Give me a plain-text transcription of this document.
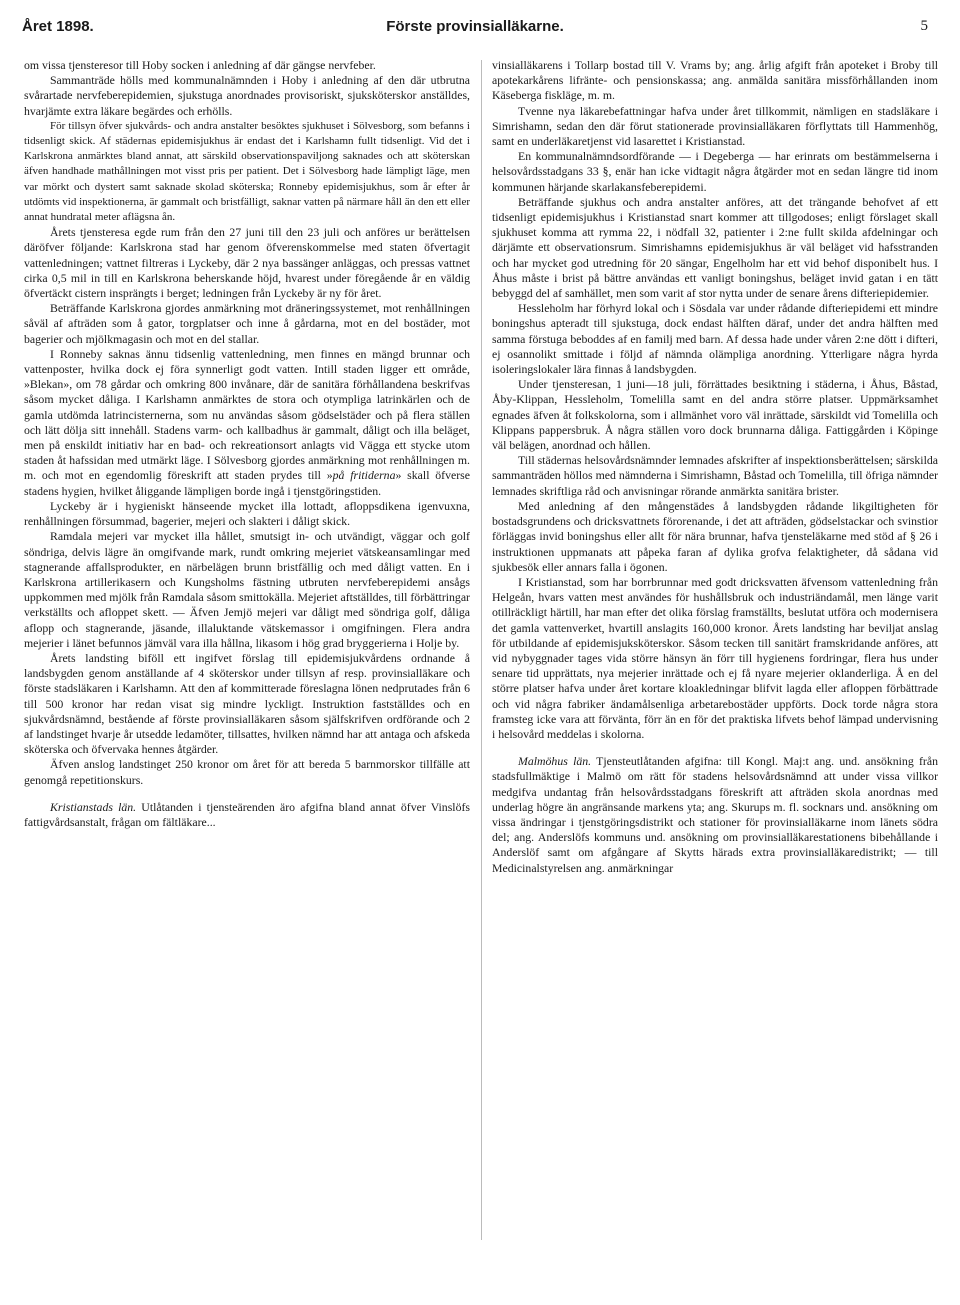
Året 1898.	Förste provinsialläkarne.	5

om vissa tjensteresor till Hoby socken i anledning af där gängse nervfeber.

Sammanträde hölls med kommunalnämnden i Hoby i anledning af den där utbrutna svårartade nervfeberepidemien, sjukstuga anordnades provisoriskt, sjuksköterskor anställdes, hvarjämte extra läkare begärdes och erhölls.

För tillsyn öfver sjukvårds- och andra anstalter besöktes sjukhuset i Sölvesborg, som befanns i tidsenligt skick. Af städernas epidemisjukhus är endast det i Karlshamn fullt tidsenligt. Vid det i Karlskrona anmärktes bland annat, att särskild observationspaviljong saknades och att sköterskan äfven handhade mathållningen mot visst pris per patient. Det i Sölvesborg hade lämpligt läge, men var mörkt och dystert samt saknade skolad sköterska; Ronneby epidemisjukhus, som år efter år utdömts vid inspektionerna, är gammalt och bristfälligt, saknar vatten på närmare håll än den ett eller annat hundratal meter aflägsna ån.

Årets tjensteresa egde rum från den 27 juni till den 23 juli och anföres ur berättelsen däröfver följande: Karlskrona stad har genom öfverenskommelse med staten öfvertagit vattenledningen; vattnet filtreras i Lyckeby, där 2 nya bassänger anläggas, och pressas vattnet cirka 0,5 mil in till en Karlskrona beherskande höjd, hvarest under föregående år en väldig öfvertäckt cistern insprängts i berget; ledningen från Lyckeby är ny för året.

Beträffande Karlskrona gjordes anmärkning mot dräneringssystemet, mot renhållningen såväl af afträden som å gator, torgplatser och inne å gårdarna, mot en del bostäder, mot bagerier och mjölkmagasin och mot en del stallar.

I Ronneby saknas ännu tidsenlig vattenledning, men finnes en mängd brunnar och vattenposter, hvilka dock ej föra synnerligt godt vatten. Intill staden ligger ett område, »Blekan», om 78 gårdar och omkring 800 invånare, där de sanitära förhållandena beskrifvas såsom mycket dåliga. I Karlshamn anmärktes de stora och otympliga latrinkärlen och de gamla utdömda latrincisternerna, som nu användas såsom gödselstäder och på flera ställen och lätt dölja sitt innehåll. Stadens varm- och kallbadhus är gammalt, dåligt och illa beläget, men på enskildt initiativ har en bad- och rekreationsort anlagts vid Vägga ett stycke utom staden åt hafssidan med utmärkt läge. I Sölvesborg gjordes anmärkning mot renhållningen m. m. och mot en egendomlig föreskrift att staden prydes till »på fritiderna» skall öfverse stadens hygien, hvilket åliggande lämpligen borde ingå i tjenstgöringstiden.

Lyckeby är i hygieniskt hänseende mycket illa lottadt, afloppsdikena igenvuxna, renhållningen försummad, bagerier, mejeri och slakteri i dåligt skick.

Ramdala mejeri var mycket illa hållet, smutsigt in- och utvändigt, väggar och golf söndriga, delvis lägre än omgifvande mark, rundt omkring mejeriet vätskeansamlingar med stagnerande affallsprodukter, en närbelägen brunn bristfällig och med dåligt vatten. En i Karlskrona artillerikasern och Kungsholms fästning utbruten nervfeberepidemi ansågs uppkommen med mjölk från Ramdala såsom smittokälla. Mejeriet aftställdes, till förbättringar verkställts och afloppet skett. — Äfven Jemjö mejeri var dåligt med söndriga golf, dåliga aflopp och stagnerande, jäsande, illaluktande vätskemassor i omgifningen. Flera andra mejerier i länet befunnos jämväl vara illa hållna, likasom i hög grad bryggerierna i Holje by.

Årets landsting biföll ett ingifvet förslag till epidemisjukvårdens ordnande å landsbygden genom anställande af 4 sköterskor under tillsyn af resp. provinsialläkare och förste stadsläkaren i Karlshamn. Att den af kommitterade föreslagna lönen nedprutades från 6 till 500 kronor har redan visat sig mindre lyckligt. Instruktion fastställdes och en sjukvårdsnämnd, bestående af förste provinsialläkaren såsom själfskrifven ordförande och 2 af landstinget hvarje år utsedde ledamöter, tillsattes, hvilken nämnd har att antaga och afskeda sköterska och öfvervaka hennes åtgärder.

Äfven anslog landstinget 250 kronor om året för att bereda 5 barnmorskor tillfälle att genomgå repetitionskurs.

Kristianstads län. Utlåtanden i tjensteärenden äro afgifna bland annat öfver Vinslöfs fattigvårdsanstalt, frågan om fältläkare...

vinsialläkarens i Tollarp bostad till V. Vrams by; ang. årlig afgift från apoteket i Broby till apotekarkårens lifränte- och pensionskassa; ang. anmälda sanitära missförhållanden inom Käseberga fiskläge, m. m.

Tvenne nya läkarebefattningar hafva under året tillkommit, nämligen en stadsläkare i Simrishamn, sedan den där förut stationerade provinsialläkaren förflyttats till Hammenhög, samt en underläkaretjenst vid lasarettet i Kristianstad.

En kommunalnämndsordförande — i Degeberga — har erinrats om bestämmelserna i helsovårdsstadgans 33 §, enär han icke vidtagit några åtgärder mot en sedan längre tid inom kommunen härjande skarlakansfeberepidemi.

Beträffande sjukhus och andra anstalter anföres, att det trängande behofvet af ett tidsenligt epidemisjukhus i Kristianstad snart kommer att tillgodoses; enligt förslaget skall sjukhuset komma att rymma 22, i nödfall 32, patienter i 2:ne fullt skilda afdelningar och därjämte ett observationsrum. Simrishamns epidemisjukhus är väl beläget vid hafsstranden och har mycket god utredning för 20 sängar, Engelholm har ett vid behof disponibelt hus. I Åhus måste i brist på bättre användas ett vanligt boningshus, beläget invid gatan i en tätt bebyggd del af samhället, men som varit af stor nytta under de senare årens difteriepidemier.

Hessleholm har förhyrd lokal och i Sösdala var under rådande difteriepidemi ett mindre boningshus apteradt till sjukstuga, dock endast hälften däraf, under det andra hälften med samma förstuga beboddes af en familj med barn. Af dessa hade under våren 2:ne dött i difteri, ej osannolikt smittade i följd af nämnda olämpliga anordning. Ytterligare några hyrda isoleringslokaler lära finnas å landsbygden.

Under tjensteresan, 1 juni—18 juli, förrättades besiktning i städerna, i Åhus, Båstad, Åby-Klippan, Hessleholm, Tomelilla samt en del andra större platser. Uppmärksamhet egnades äfven åt folkskolorna, som i allmänhet voro väl inrättade, särskildt vid Tomelilla och Klippans pappersbruk. Å några ställen voro dock brunnarna dåliga. Fattiggården i Köpinge väl belägen, anordnad och hållen.

Till städernas helsovårdsnämnder lemnades afskrifter af inspektionsberättelsen; särskilda sammanträden höllos med nämnderna i Simrishamn, Båstad och Tomelilla, till öfriga nämnder lemnades skriftliga råd och anvisningar rörande anmärkta sanitära brister.

Med anledning af den mångenstädes å landsbygden rådande likgiltigheten för bostadsgrundens och dricksvattnets förorenande, i det att afträden, gödselstackar och svinstior förläggas invid boningshus eller allt för nära brunnar, hafva tjensteläkarne med stöd af § 26 i instruktionen uppmanats att påpeka faran af dylika grofva felaktigheter, då sådana vid sjukbesök eller annars falla i ögonen.

I Kristianstad, som har borrbrunnar med godt dricksvatten äfvensom vattenledning från Helgeån, hvars vatten mest användes för hushållsbruk och industriändamål, men länge varit otillräckligt härtill, har man efter det olika förslag framställts, beslutat utföra och modernisera det gamla vattenverket, hvartill anslagits 160,000 kronor. Årets landsting har beviljat anslag för utbildande af epidemisjuksköterskor. Såsom tecken till sanitärt framskridande anföres, att vid nybyggnader tages vida större hänsyn än förr till hygienens fordringar, flera hus under senare tid upprättats, nya mejerier inrättade och ej få nyare mejerier oklanderliga. Å en del större platser hafva under året kortare kloakledningar blifvit lagda eller afloppen förbättrade och vid några fabriker ändamålsenliga arbetarebostäder uppförts. Dock torde några stora framsteg icke vara att förvänta, förr än en för det praktiska lifvets behof lämpad undervisning i helsovård meddelas i skolorna.

Malmöhus län. Tjensteutlåtanden afgifna: till Kongl. Maj:t ang. und. ansökning från stadsfullmäktige i Malmö om rätt för stadens helsovårdsnämnd att under vissa villkor medgifva undantag från helsovårdsstadgans föreskrift att afträden skola anordnas med underlag högre än angränsande markens yta; ang. Skurups m. fl. socknars und. ansökning om vissa ändringar i tjenstgöringsdistrikt och stationer för provinsialläkarne inom länets södra del; ang. Anderslöfs kommuns und. ansökning om provinsialläkarestationens bibehållande i Anderslöf samt om afgångare af Skytts härads extra provinsialläkaredistrikt; — till Medicinalstyrelsen ang. anmärkningar
